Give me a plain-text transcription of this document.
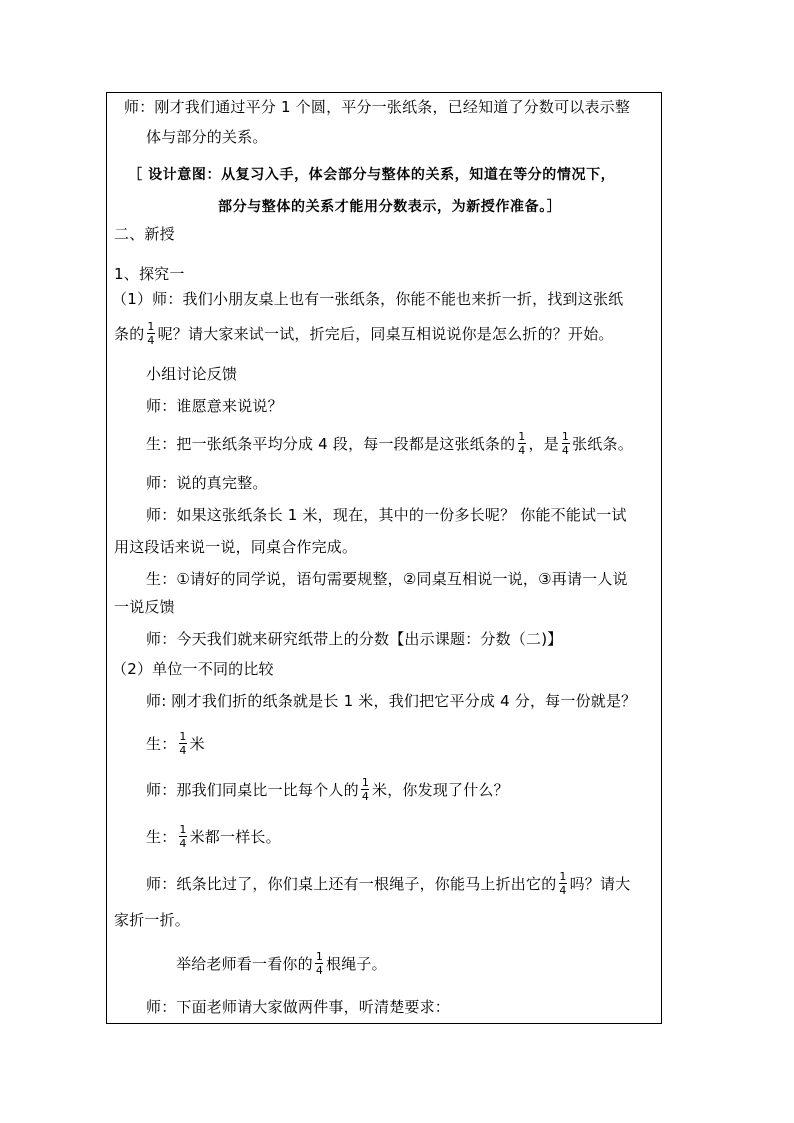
师：刚才我们通过平分 1 个圆，平分一张纸条，已经知道了分数可以表示整
体与部分的关系。
［ 设计意图：从复习入手，体会部分与整体的关系，知道在等分的情况下，
部分与整体的关系才能用分数表示，为新授作准备。］
二、新授
1、探究一
（1）师：我们小朋友桌上也有一张纸条，你能不能也来折一折，找到这张纸
条的 $\frac{1}{4}$ 呢？请大家来试一试，折完后，同桌互相说说你是怎么折的？开始。
小组讨论反馈
师：谁愿意来说说？
生：把一张纸条平均分成 4 段，每一段都是这张纸条的 $\frac{1}{4}$ ，是 $\frac{1}{4}$ 张纸条。
师：说的真完整。
师：如果这张纸条长 1 米，现在，其中的一份多长呢？ 你能不能试一试
用这段话来说一说，同桌合作完成。
生：①请好的同学说，语句需要规整，②同桌互相说一说，③再请一人说
一说反馈
师：今天我们就来研究纸带上的分数【出示课题：分数（二)】
（2）单位一不同的比较
师: 刚才我们折的纸条就是长 1 米，我们把它平分成 4 分，每一份就是？
生： $\frac{1}{4}$ 米
师：那我们同桌比一比每个人的 $\frac{1}{4}$ 米，你发现了什么？
生： $\frac{1}{4}$ 米都一样长。
师：纸条比过了，你们桌上还有一根绳子，你能马上折出它的 $\frac{1}{4}$ 吗？请大
家折一折。
举给老师看一看你的 $\frac{1}{4}$ 根绳子。
师：下面老师请大家做两件事，听清楚要求：
